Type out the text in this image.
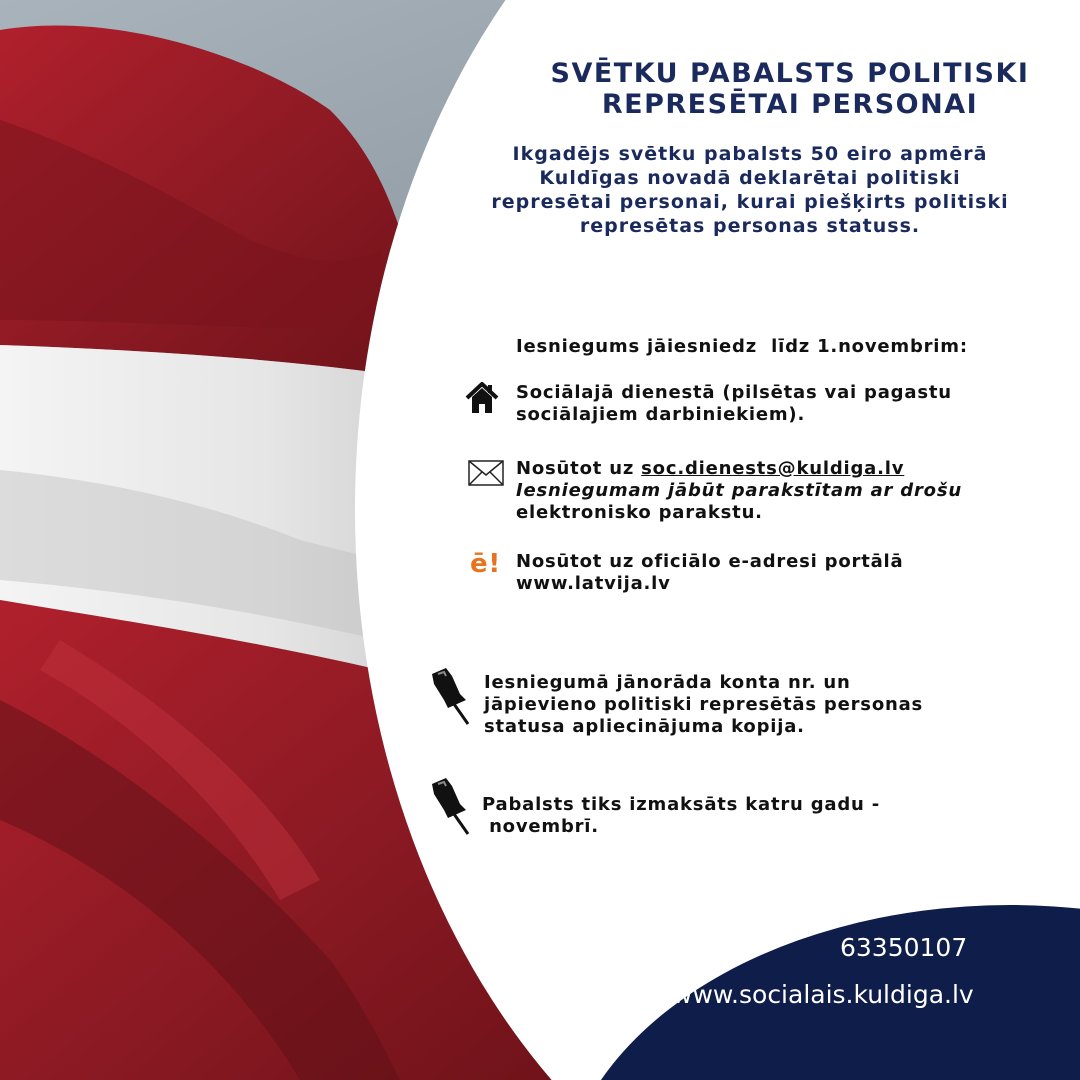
SVĒTKU PABALSTS POLITISKI
REPRESĒTAI PERSONAI

Ikgadējs svētku pabalsts 50 eiro apmērā
Kuldīgas novadā deklarētai politiski
represētai personai, kurai piešķirts politiski
represētas personas statuss.

Iesniegums jāiesniedz  līdz 1.novembrim:
Sociālajā dienestā (pilsētas vai pagastu
sociālajiem darbiniekiem).
Nosūtot uz soc.dienests@kuldiga.lv
Iesniegumam jābūt parakstītam ar drošu
elektronisko parakstu.
ē! Nosūtot uz oficiālo e-adresi portālā
www.latvija.lv
Iesniegumā jānorāda konta nr. un
jāpievieno politiski represētās personas
statusa apliecinājuma kopija.
Pabalsts tiks izmaksāts katru gadu -
novembrī.
63350107
www.socialais.kuldiga.lv
